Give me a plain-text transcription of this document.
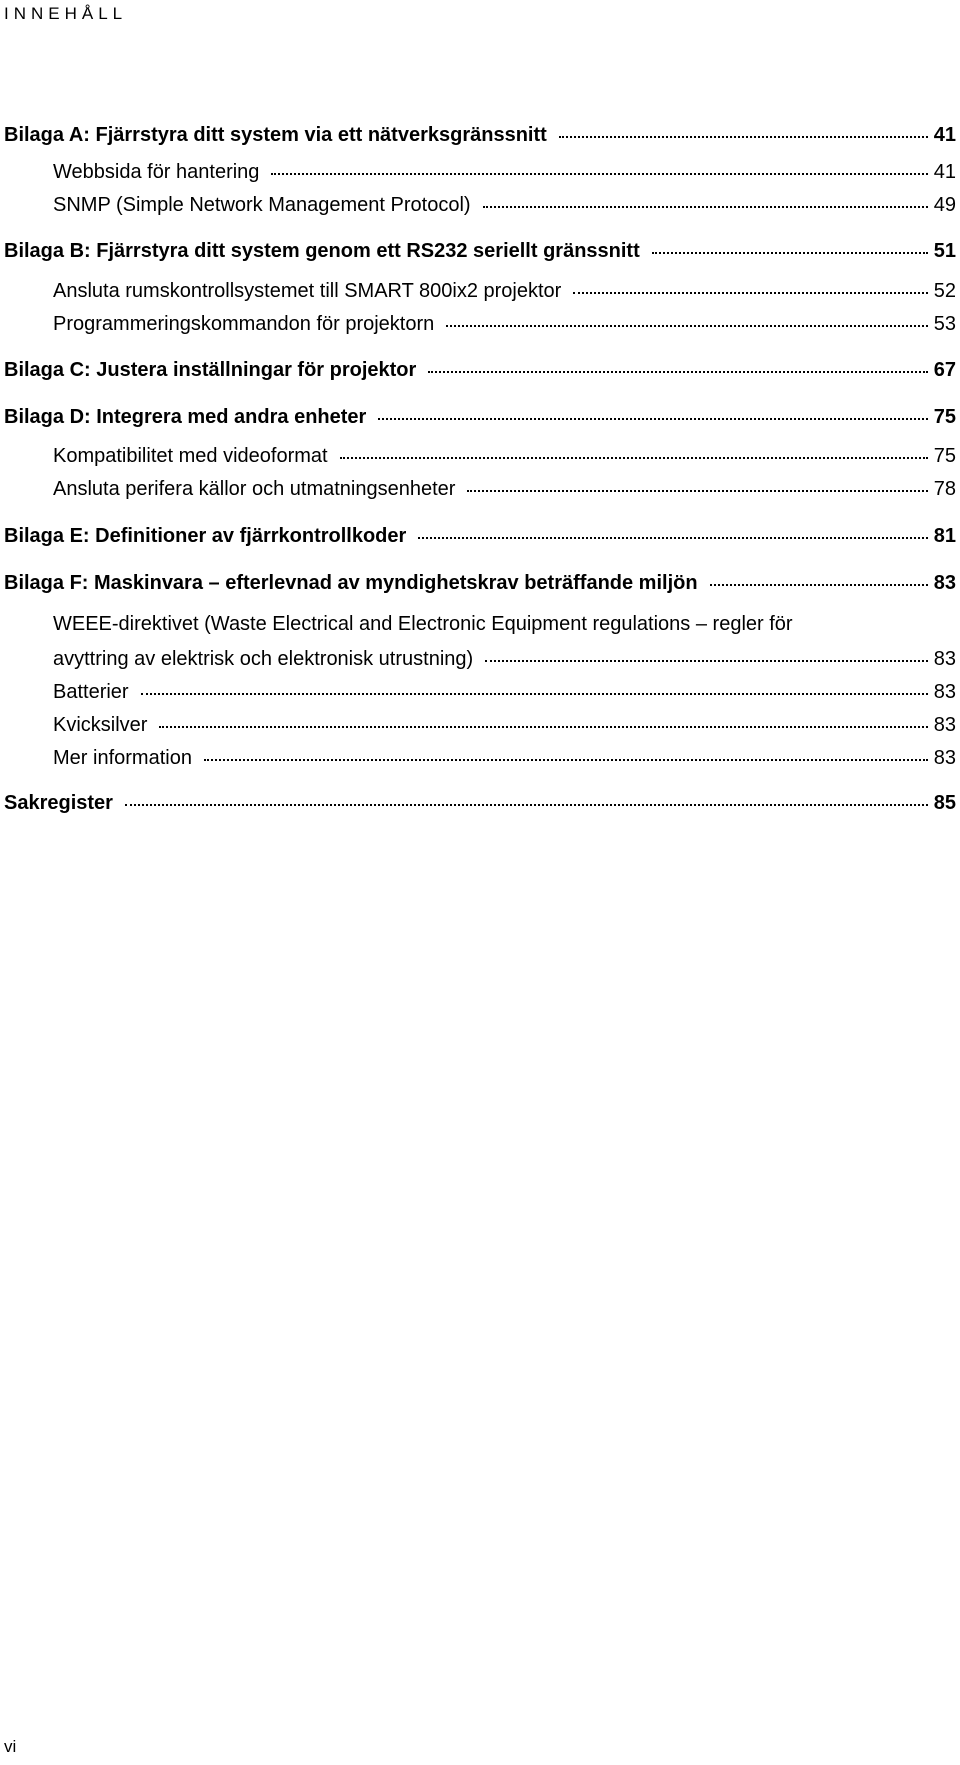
INNEHÅLL
Bilaga A: Fjärrstyra ditt system via ett nätverksgränssnitt	41
Webbsida för hantering	41
SNMP (Simple Network Management Protocol)	49
Bilaga B: Fjärrstyra ditt system genom ett RS232 seriellt gränssnitt	51
Ansluta rumskontrollsystemet till SMART 800ix2 projektor	52
Programmeringskommandon för projektorn	53
Bilaga C: Justera inställningar för projektor	67
Bilaga D: Integrera med andra enheter	75
Kompatibilitet med videoformat	75
Ansluta perifera källor och utmatningsenheter	78
Bilaga E: Definitioner av fjärrkontrollkoder	81
Bilaga F: Maskinvara – efterlevnad av myndighetskrav beträffande miljön	83
WEEE-direktivet (Waste Electrical and Electronic Equipment regulations – regler för
avyttring av elektrisk och elektronisk utrustning)	83
Batterier	83
Kvicksilver	83
Mer information	83
Sakregister	85
vi
